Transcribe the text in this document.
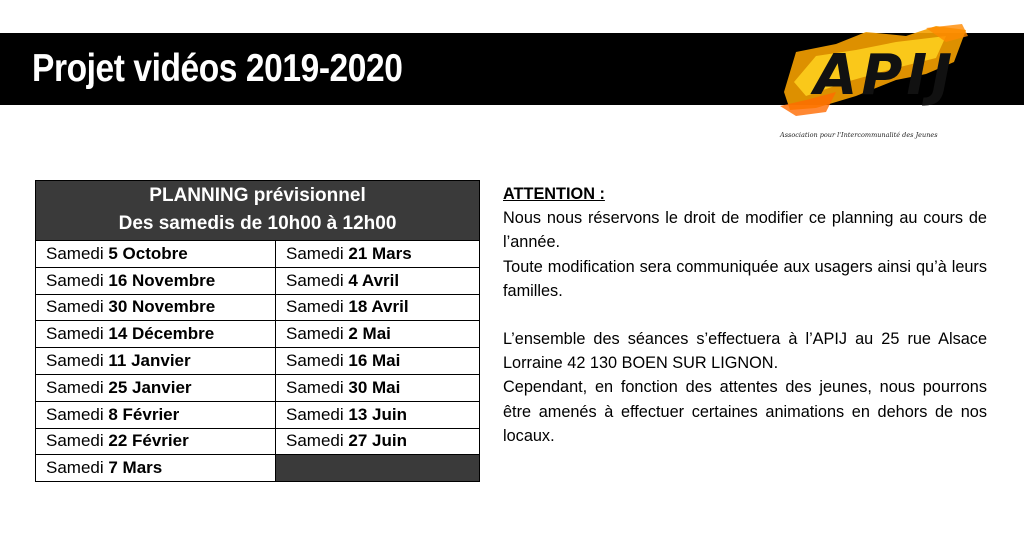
Projet vidéos 2019-2020	APIJ
Association pour l'Intercommunalité des Jeunes
PLANNING prévisionnel
Des samedis de 10h00 à 12h00	

Samedi 5 Octobre	Samedi 21 Mars
Samedi 16 Novembre	Samedi 4 Avril
Samedi 30 Novembre	Samedi 18 Avril
Samedi 14 Décembre	Samedi 2 Mai
Samedi 11 Janvier	Samedi 16 Mai
Samedi 25 Janvier	Samedi 30 Mai
Samedi 8 Février	Samedi 13 Juin
Samedi 22 Février	Samedi 27 Juin
Samedi 7 Mars	

ATTENTION :

Nous nous réservons le droit de modifier ce planning au cours de l’année.

Toute modification sera communiquée aux usagers ainsi qu’à leurs familles.

L’ensemble des séances s’effectuera à l’APIJ au 25 rue Alsace Lorraine 42 130 BOEN SUR LIGNON.

Cependant, en fonction des attentes des jeunes, nous pourrons être amenés à effectuer certaines animations en dehors de nos locaux.
